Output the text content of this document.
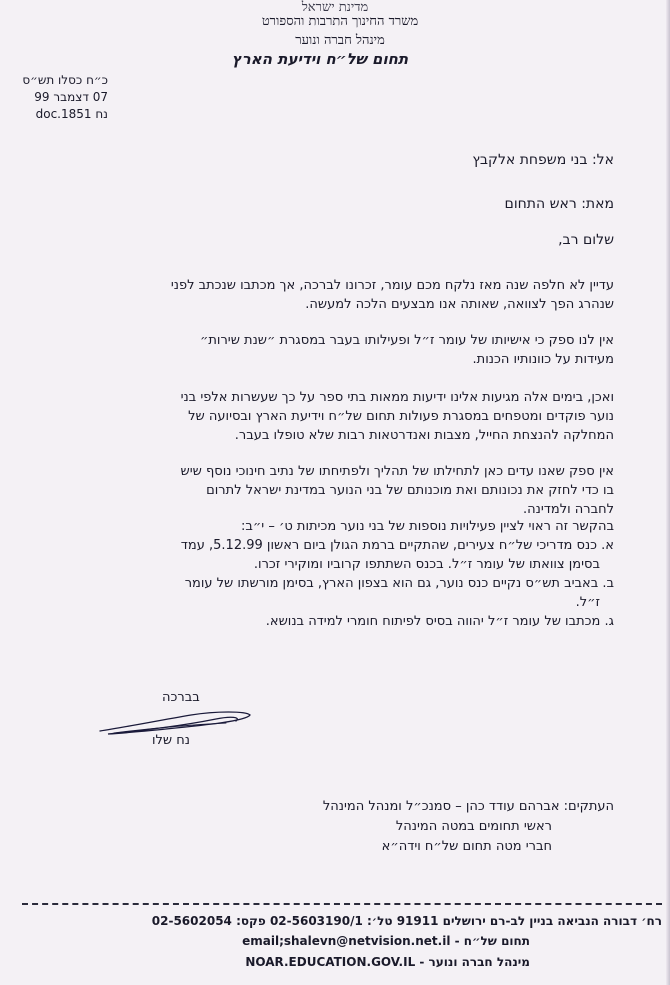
מדינת ישראל
משרד החינוך התרבות והספורט
מינהל חברה ונוער
תחום של״ח וידיעת הארץ
כ״ח כסלו תש״ס
07 דצמבר 99
נח doc.1851
אל: בני משפחת אלקבץ
מאת: ראש התחום
שלום רב,

עדיין לא חלפה שנה מאז נלקח מכם עומר, זכרונו לברכה, אך מכתבו שנכתב לפני

שנהרג הפך לצוואה, שאותה אנו מבצעים הלכה למעשה.

אין לנו ספק כי אישיותו של עומר ז״ל ופעילותו בעבר במסגרת ״שנת שירות״

מעידות על כוונותיו הכנות.

ואכן, בימים אלה מגיעות אלינו ידיעות ממאות בתי ספר על כך שעשרות אלפי בני

נוער פוקדים ומטפחים במסגרת פעולות תחום של״ח וידיעת הארץ ובסיועה של

המחלקה להנצחת החייל, מצבות ואנדרטאות רבות שלא טופלו בעבר.

אין ספק שאנו עדים כאן לתחילתו של תהליך ולפתיחתו של נתיב חינוכי נוסף שיש

בו כדי לחזק את נכונותם ואת מוכנותם של בני הנוער במדינת ישראל לתרום

לחברה ולמדינה.

בהקשר זה ראוי לציין פעילויות נוספות של בני נוער מכיתות ט׳ – י״ב:

א. כנס מדריכי של״ח צעירים, שהתקיים ברמת הגולן ביום ראשון 5.12.99, עמד

בסימן צוואתו של עומר ז״ל. בכנס השתתפו קרוביו ומוקירי זכרו.

ב. באביב תש״ס נקיים כנס נוער, גם הוא בצפון הארץ, בסימן מורשתו של עומר

ז״ל.

ג. מכתבו של עומר ז״ל יהווה בסיס לפיתוח חומרי למידה בנושא.

בברכה
נח שלו

העתקים: אברהם עודד כהן – סמנכ״ל ומנהל המינהל

ראשי תחומים במטה המינהל

חברי מטה תחום של״ח וידה״א

רח׳ דבורה הנביאה בניין לב-רם ירושלים 91911 טל׳: 02-5603190/1 פקס: 02-5602054
תחום של״ח - email;shalevn@netvision.net.il
מינהל חברה ונוער - NOAR.EDUCATION.GOV.IL
